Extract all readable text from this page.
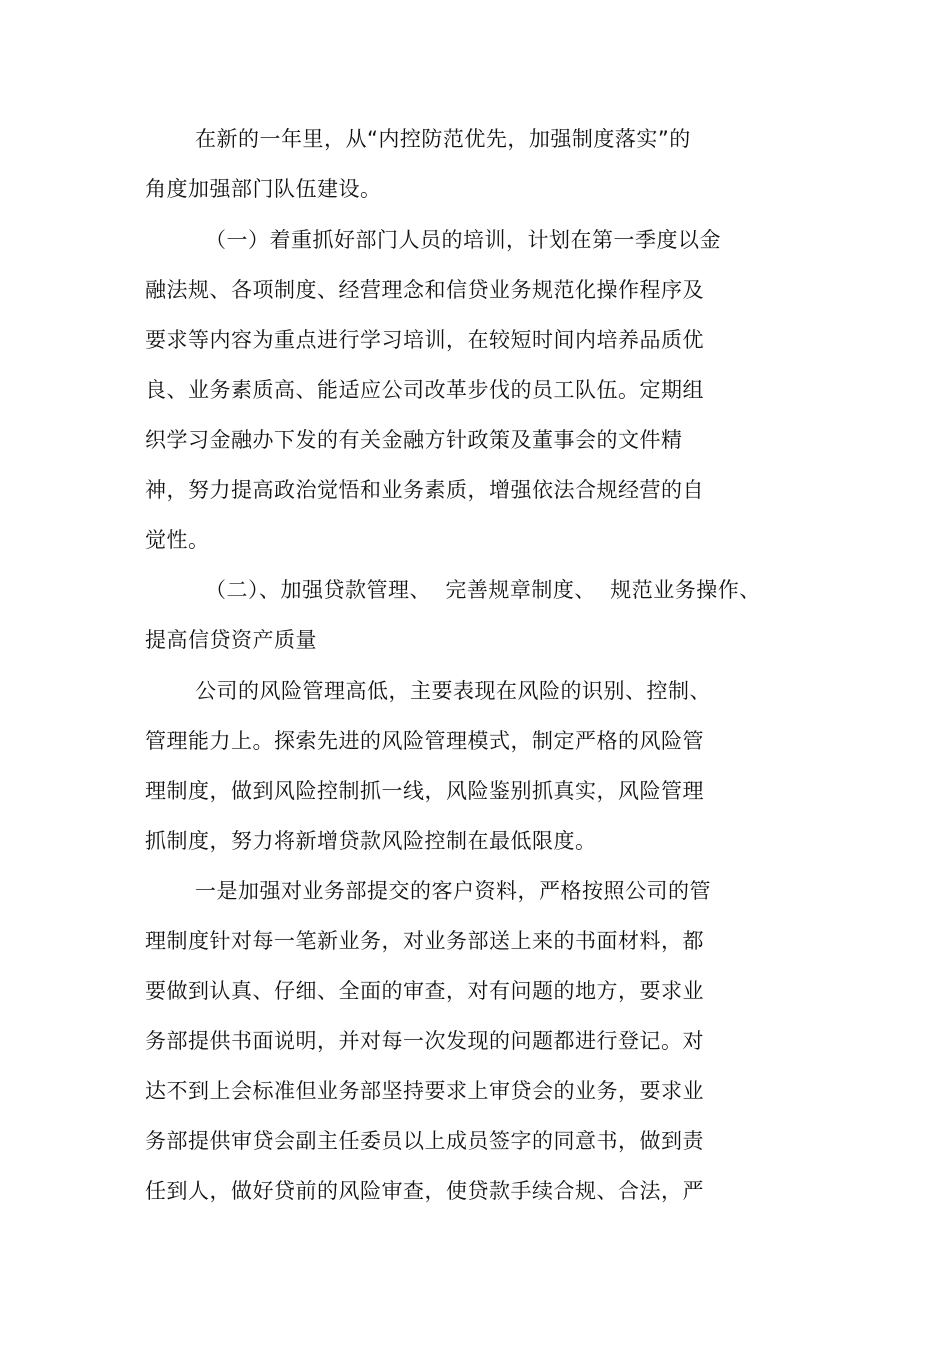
在新的一年里，从“内控防范优先，加强制度落实”的
角度加强部门队伍建设。
（一）着重抓好部门人员的培训，计划在第一季度以金
融法规、各项制度、经营理念和信贷业务规范化操作程序及
要求等内容为重点进行学习培训，在较短时间内培养品质优
良、业务素质高、能适应公司改革步伐的员工队伍。定期组
织学习金融办下发的有关金融方针政策及董事会的文件精
神，努力提高政治觉悟和业务素质，增强依法合规经营的自
觉性。
（二）、加强贷款管理、  完善规章制度、  规范业务操作、
提高信贷资产质量
公司的风险管理高低，主要表现在风险的识别、控制、
管理能力上。探索先进的风险管理模式，制定严格的风险管
理制度，做到风险控制抓一线，风险鉴别抓真实，风险管理
抓制度，努力将新增贷款风险控制在最低限度。
一是加强对业务部提交的客户资料，严格按照公司的管
理制度针对每一笔新业务，对业务部送上来的书面材料，都
要做到认真、仔细、全面的审查，对有问题的地方，要求业
务部提供书面说明，并对每一次发现的问题都进行登记。对
达不到上会标准但业务部坚持要求上审贷会的业务，要求业
务部提供审贷会副主任委员以上成员签字的同意书，做到责
任到人，做好贷前的风险审查，使贷款手续合规、合法，严
